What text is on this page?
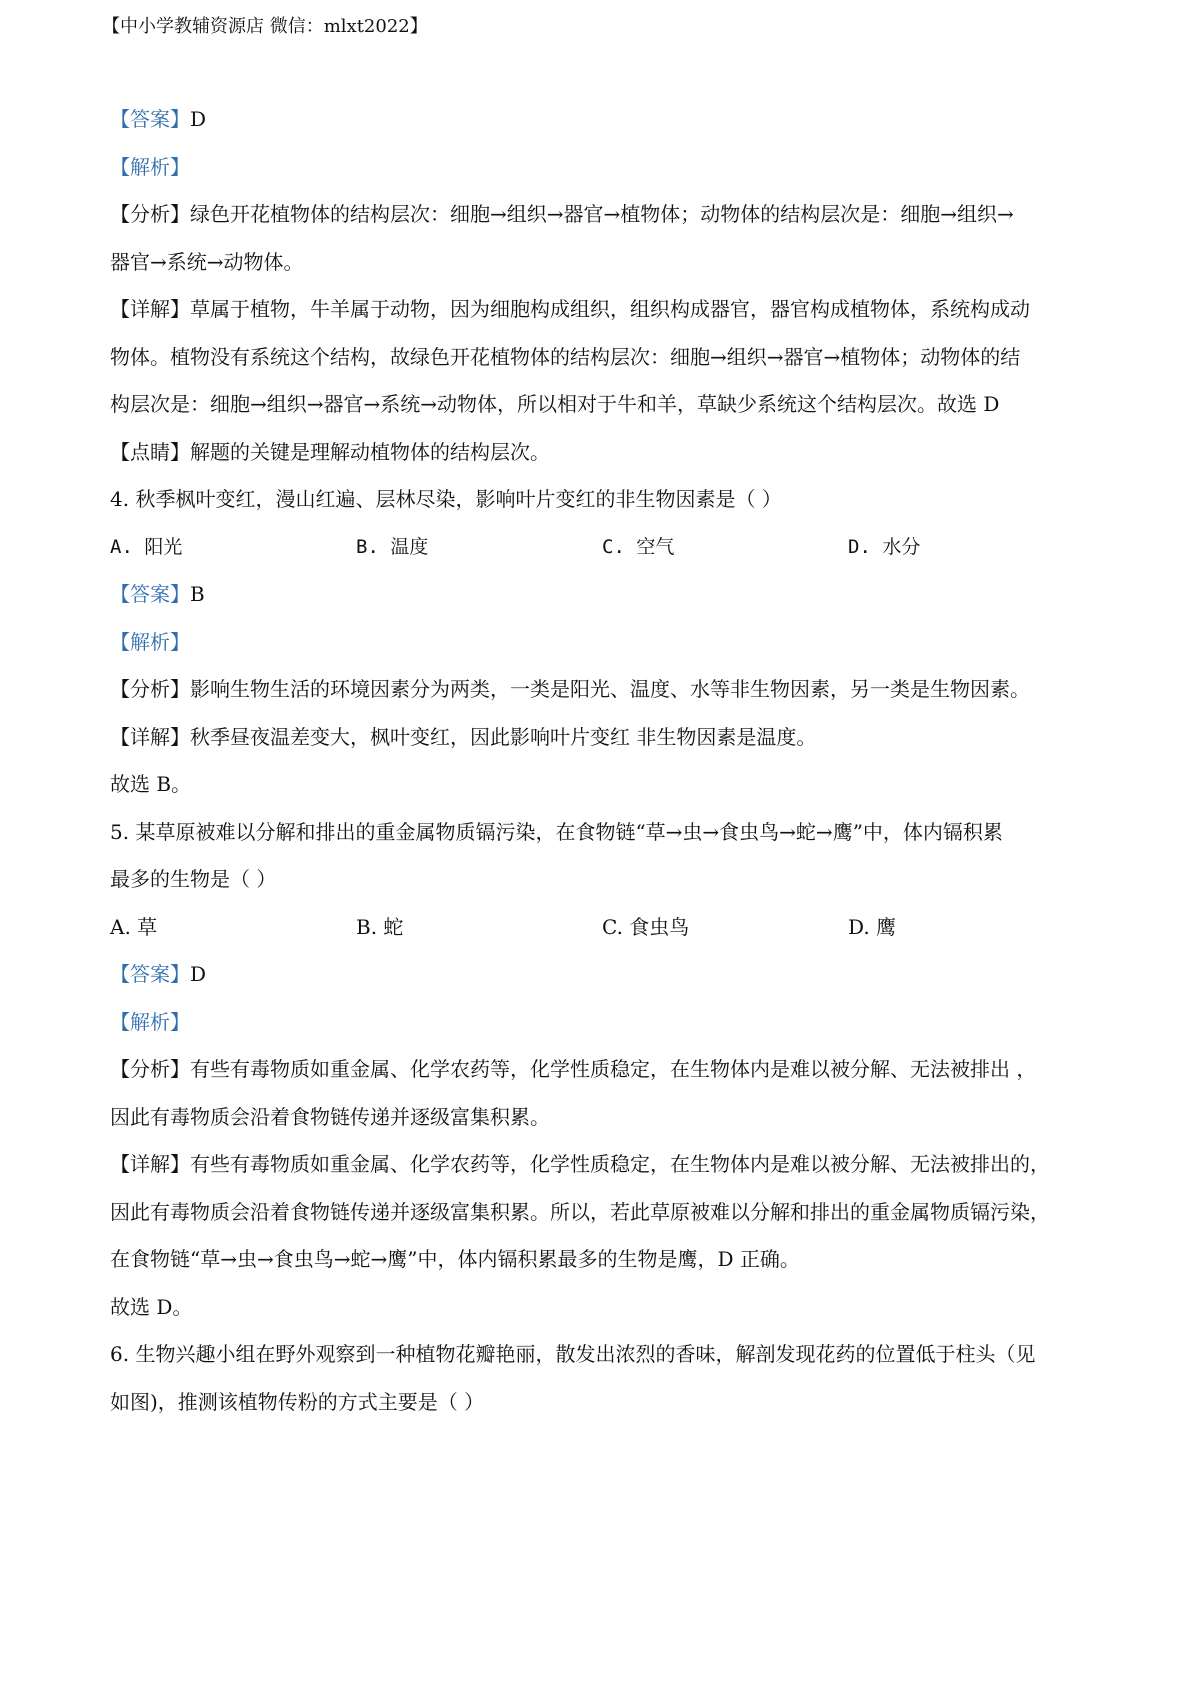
【中小学教辅资源店 微信：mlxt2022】

【答案】D

【解析】

【分析】绿色开花植物体的结构层次：细胞→组织→器官→植物体；动物体的结构层次是：细胞→组织→

器官→系统→动物体。

【详解】草属于植物，牛羊属于动物，因为细胞构成组织，组织构成器官，器官构成植物体，系统构成动

物体。植物没有系统这个结构，故绿色开花植物体的结构层次：细胞→组织→器官→植物体；动物体的结

构层次是：细胞→组织→器官→系统→动物体，所以相对于牛和羊，草缺少系统这个结构层次。故选 D

【点睛】解题的关键是理解动植物体的结构层次。

4. 秋季枫叶变红，漫山红遍、层林尽染，影响叶片变红的非生物因素是（ ）

A. 阳光	B. 温度	C. 空气	D. 水分

【答案】B

【解析】

【分析】影响生物生活的环境因素分为两类，一类是阳光、温度、水等非生物因素，另一类是生物因素。

【详解】秋季昼夜温差变大，枫叶变红，因此影响叶片变红 非生物因素是温度。

故选 B。

5. 某草原被难以分解和排出的重金属物质镉污染，在食物链“草→虫→食虫鸟→蛇→鹰”中，体内镉积累

最多的生物是（ ）

A. 草	B. 蛇	C. 食虫鸟	D. 鹰

【答案】D

【解析】

【分析】有些有毒物质如重金属、化学农药等，化学性质稳定，在生物体内是难以被分解、无法被排出 ，

因此有毒物质会沿着食物链传递并逐级富集积累。

【详解】有些有毒物质如重金属、化学农药等，化学性质稳定，在生物体内是难以被分解、无法被排出的，

因此有毒物质会沿着食物链传递并逐级富集积累。所以，若此草原被难以分解和排出的重金属物质镉污染，

在食物链“草→虫→食虫鸟→蛇→鹰”中，体内镉积累最多的生物是鹰，D 正确。

故选 D。

6. 生物兴趣小组在野外观察到一种植物花瓣艳丽，散发出浓烈的香味，解剖发现花药的位置低于柱头（见

如图)，推测该植物传粉的方式主要是（ ）
